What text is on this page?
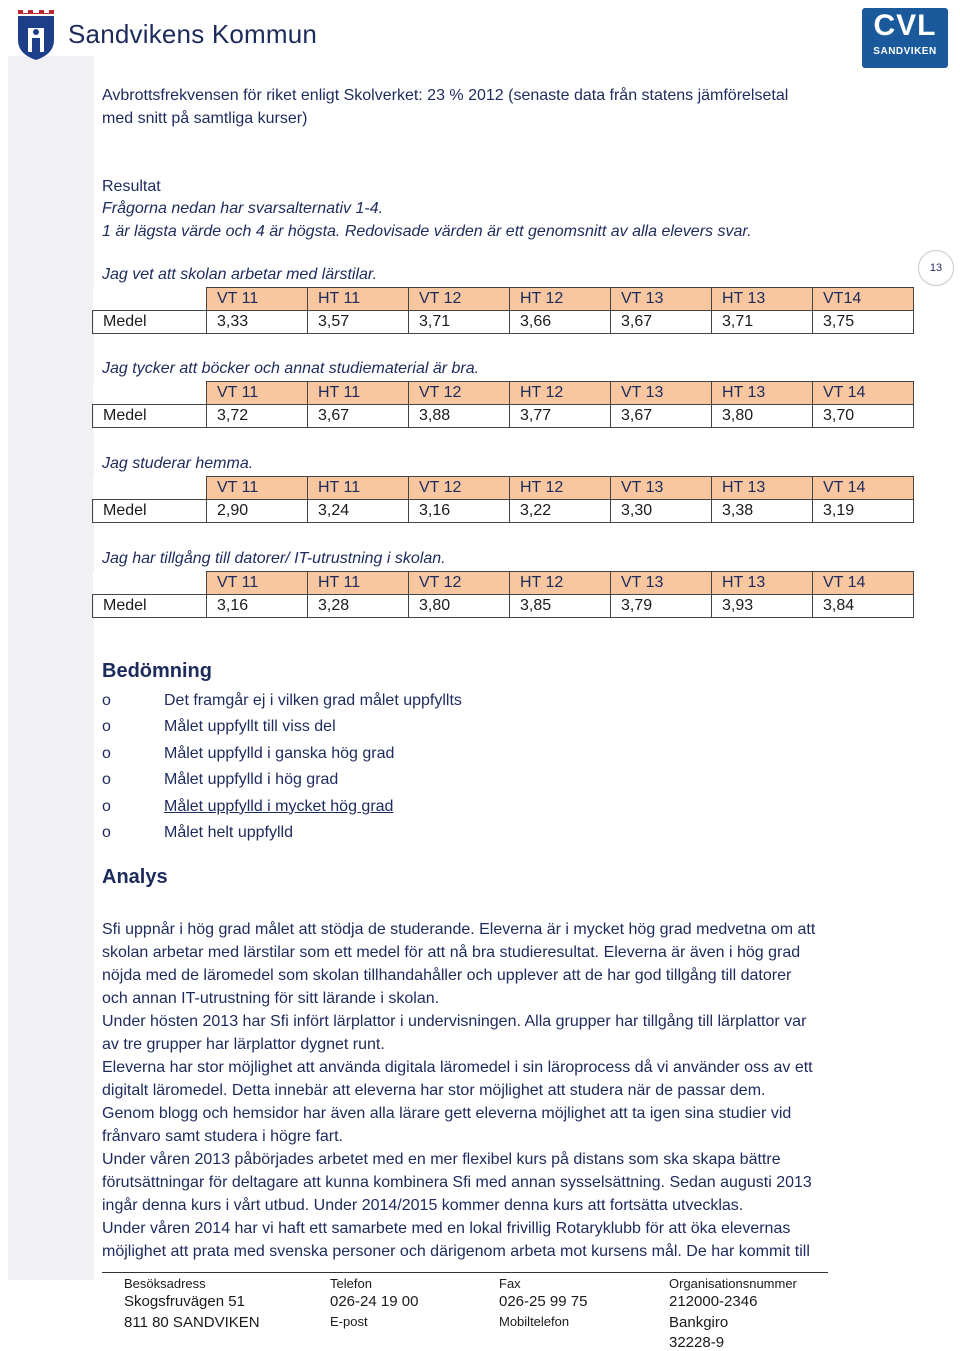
Sandvikens Kommun	CVL
SANDVIKEN
13
Avbrottsfrekvensen för riket enligt Skolverket: 23 % 2012 (senaste data från statens jämförelsetal
med snitt på samtliga kurser)
Resultat
Frågorna nedan har svarsalternativ 1-4.
1 är lägsta värde och 4 är högsta. Redovisade värden är ett genomsnitt av alla elevers svar.
Jag vet att skolan arbetar med lärstilar.
	VT 11	HT 11	VT 12	HT 12	VT 13	HT 13	VT14
Medel	3,33	3,57	3,71	3,66	3,67	3,71	3,75
Jag tycker att böcker och annat studiematerial är bra.
	VT 11	HT 11	VT 12	HT 12	VT 13	HT 13	VT 14
Medel	3,72	3,67	3,88	3,77	3,67	3,80	3,70
Jag studerar hemma.
	VT 11	HT 11	VT 12	HT 12	VT 13	HT 13	VT 14
Medel	2,90	3,24	3,16	3,22	3,30	3,38	3,19
Jag har tillgång till datorer/ IT-utrustning i skolan.
	VT 11	HT 11	VT 12	HT 12	VT 13	HT 13	VT 14
Medel	3,16	3,28	3,80	3,85	3,79	3,93	3,84
Bedömning
o	Det framgår ej i vilken grad målet uppfyllts
o	Målet uppfyllt till viss del
o	Målet uppfylld i ganska hög grad
o	Målet uppfylld i hög grad
o	Målet uppfylld i mycket hög grad
o	Målet helt uppfylld
Analys
Sfi uppnår i hög grad målet att stödja de studerande. Eleverna är i mycket hög grad medvetna om att
skolan arbetar med lärstilar som ett medel för att nå bra studieresultat. Eleverna är även i hög grad
nöjda med de läromedel som skolan tillhandahåller och upplever att de har god tillgång till datorer
och annan IT-utrustning för sitt lärande i skolan.
Under hösten 2013 har Sfi infört lärplattor i undervisningen. Alla grupper har tillgång till lärplattor var
av tre grupper har lärplattor dygnet runt.
Eleverna har stor möjlighet att använda digitala läromedel i sin läroprocess då vi använder oss av ett
digitalt läromedel. Detta innebär att eleverna har stor möjlighet att studera när de passar dem.
Genom blogg och hemsidor har även alla lärare gett eleverna möjlighet att ta igen sina studier vid
frånvaro samt studera i högre fart.
Under våren 2013 påbörjades arbetet med en mer flexibel kurs på distans som ska skapa bättre
förutsättningar för deltagare att kunna kombinera Sfi med annan sysselsättning. Sedan augusti 2013
ingår denna kurs i vårt utbud. Under 2014/2015 kommer denna kurs att fortsätta utvecklas.
Under våren 2014 har vi haft ett samarbete med en lokal frivillig Rotaryklubb för att öka elevernas
möjlighet att prata med svenska personer och därigenom arbeta mot kursens mål. De har kommit till
Besöksadress
Skogsfruvägen 51
811 80 SANDVIKEN
Telefon
026-24 19 00
E-post
Fax
026-25 99 75
Mobiltelefon
Organisationsnummer
212000-2346
Bankgiro
32228-9
